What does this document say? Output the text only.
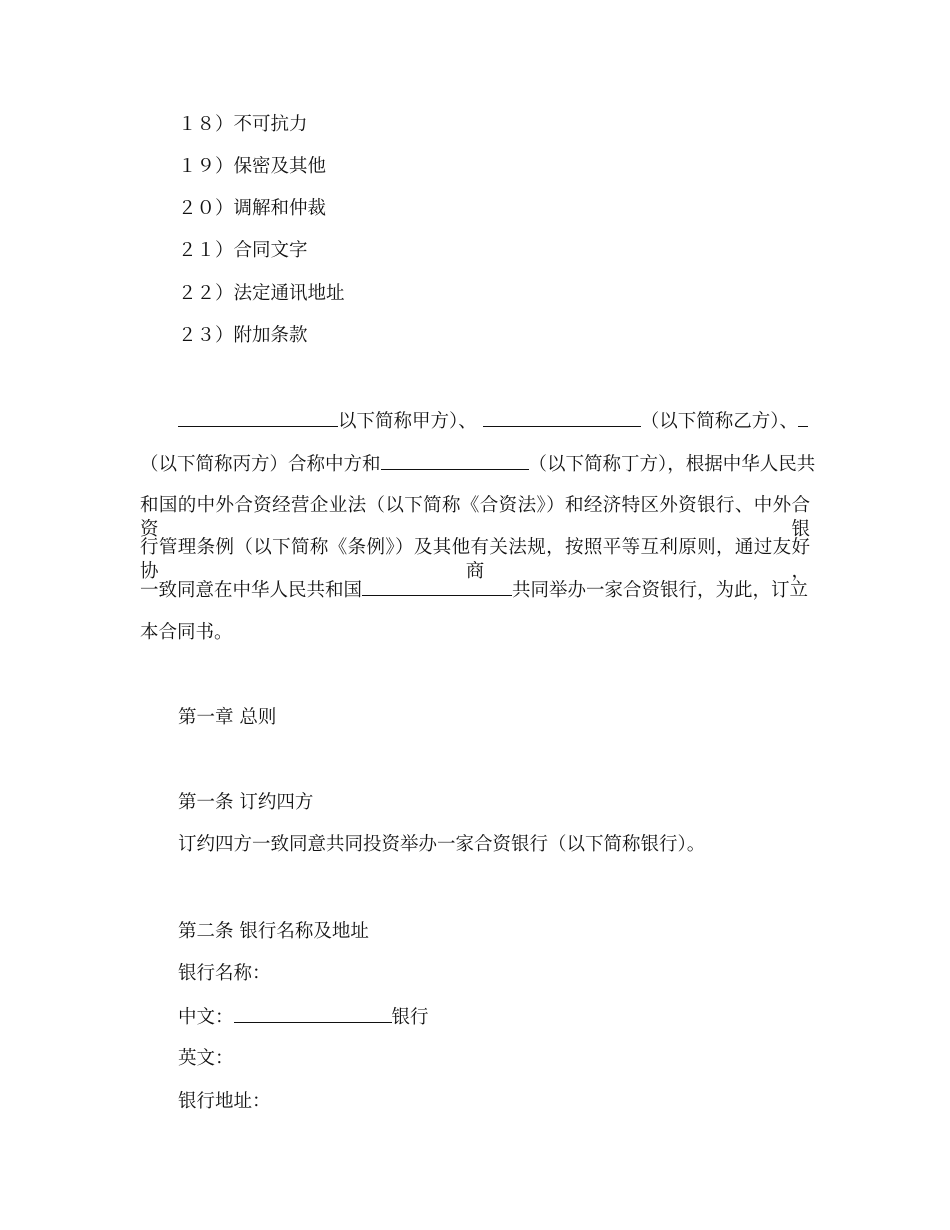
１８）不可抗力
１９）保密及其他
２０）调解和仲裁
２１）合同文字
２２）法定通讯地址
２３）附加条款
以下简称甲方）、	（以下简称乙方）、
（以下简称丙方）合称中方和	（以下简称丁方），根据中华人民共
和国的中外合资经营企业法（以下简称《合资法》）和经济特区外资银行、中外合资银
行管理条例（以下简称《条例》）及其他有关法规，按照平等互利原则，通过友好协商，
一致同意在中华人民共和国	共同举办一家合资银行，为此，订立
本合同书。
第一章 总则
第一条 订约四方
订约四方一致同意共同投资举办一家合资银行（以下简称银行）。
第二条 银行名称及地址
银行名称：
中文：	银行
英文：
银行地址：
